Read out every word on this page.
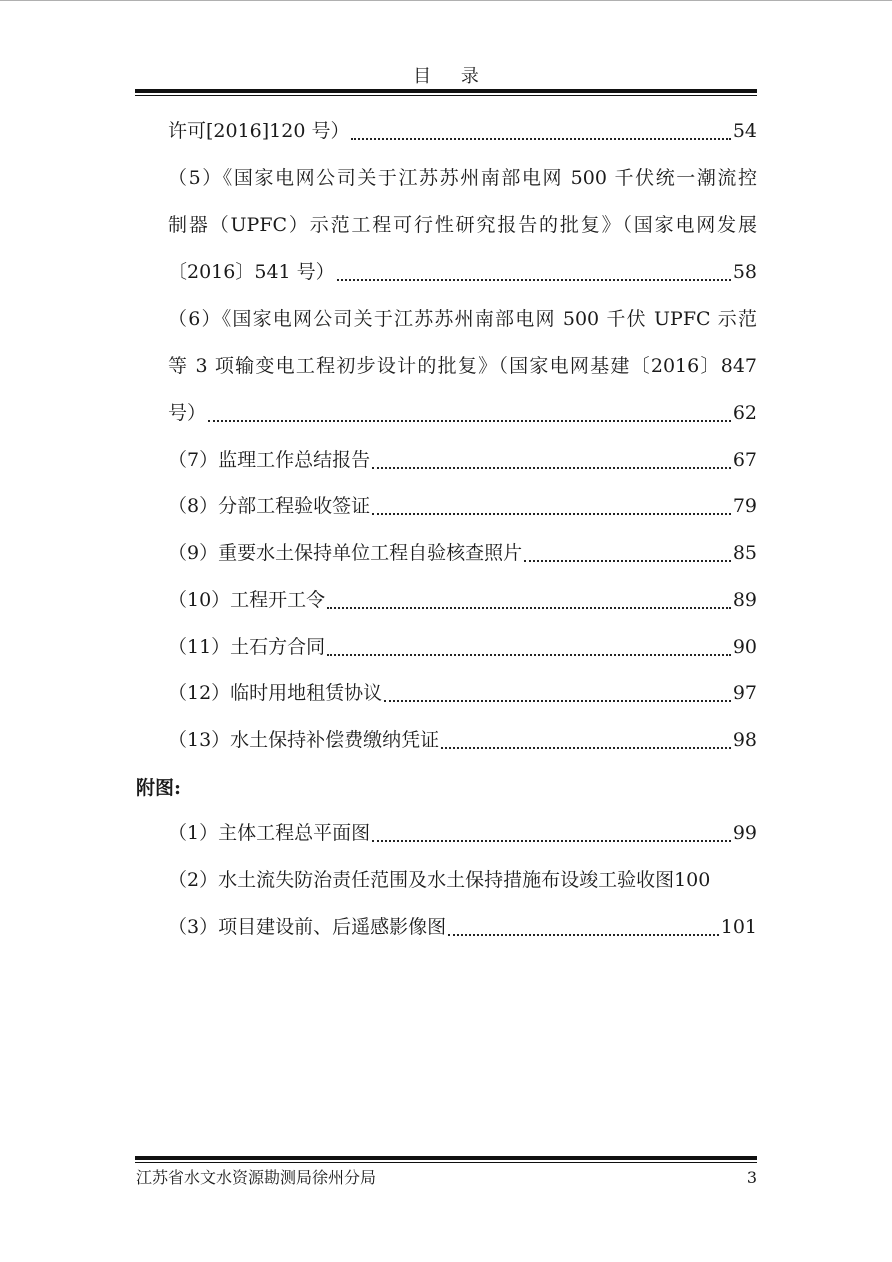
目 录
许可[2016]120 号）	54
（5）《国家电网公司关于江苏苏州南部电网 500 千伏统一潮流控
制器（UPFC）示范工程可行性研究报告的批复》（国家电网发展
〔2016〕541 号）	58
（6）《国家电网公司关于江苏苏州南部电网 500 千伏 UPFC 示范
等 3 项输变电工程初步设计的批复》（国家电网基建〔2016〕847
号）	62
（7）监理工作总结报告	67
（8）分部工程验收签证	79
（9）重要水土保持单位工程自验核查照片	85
（10）工程开工令	89
（11）土石方合同	90
（12）临时用地租赁协议	97
（13）水土保持补偿费缴纳凭证	98
附图:
（1）主体工程总平面图	99
（2）水土流失防治责任范围及水土保持措施布设竣工验收图 100
（3）项目建设前、后遥感影像图	101
江苏省水文水资源勘测局徐州分局	3
